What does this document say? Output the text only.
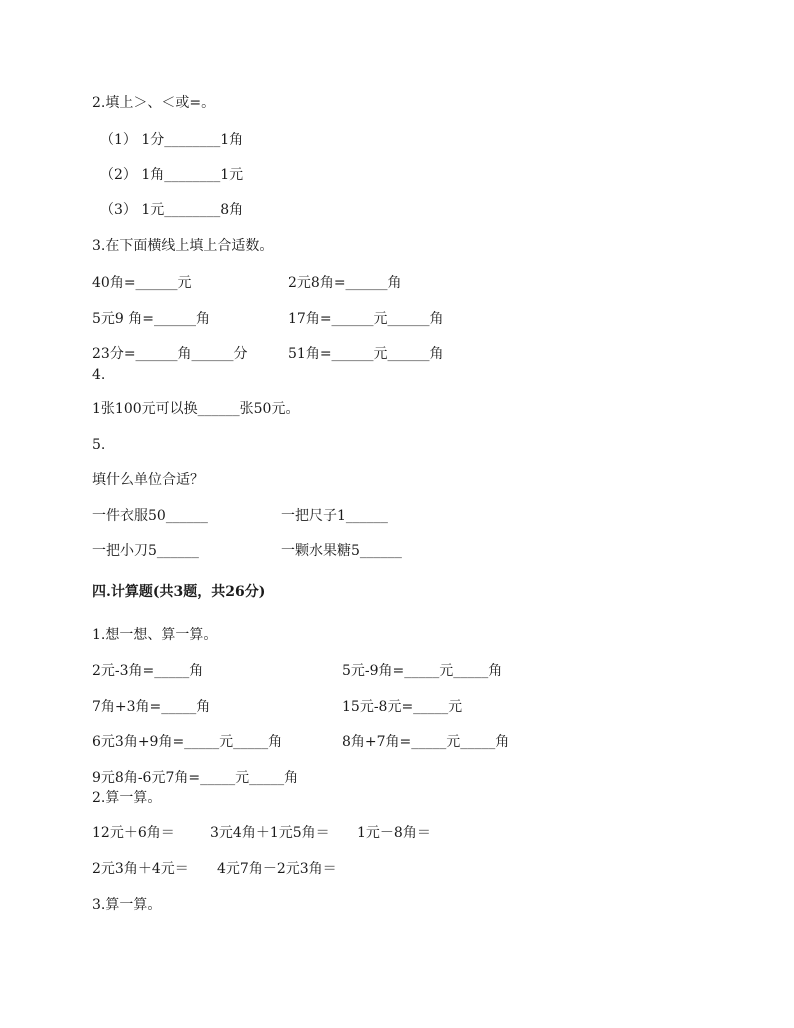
2.填上＞、＜或=。
（1） 1分________1角
（2） 1角________1元
（3） 1元________8角
3.在下面横线上填上合适数。
40角=______元	2元8角=______角
5元9 角=______角	17角=______元______角
23分=______角______分	51角=______元______角
4.
1张100元可以换______张50元。
5.
填什么单位合适？
一件衣服50______	一把尺子1______
一把小刀5______	一颗水果糖5______
四.计算题(共3题，共26分)
1.想一想、算一算。
2元-3角=_____角	5元-9角=_____元_____角
7角+3角=_____角	15元-8元=_____元
6元3角+9角=_____元_____角	8角+7角=_____元_____角
9元8角-6元7角=_____元_____角
2.算一算。
12元＋6角＝	3元4角＋1元5角＝ 1元－8角＝
2元3角＋4元＝ 4元7角－2元3角＝
3.算一算。
